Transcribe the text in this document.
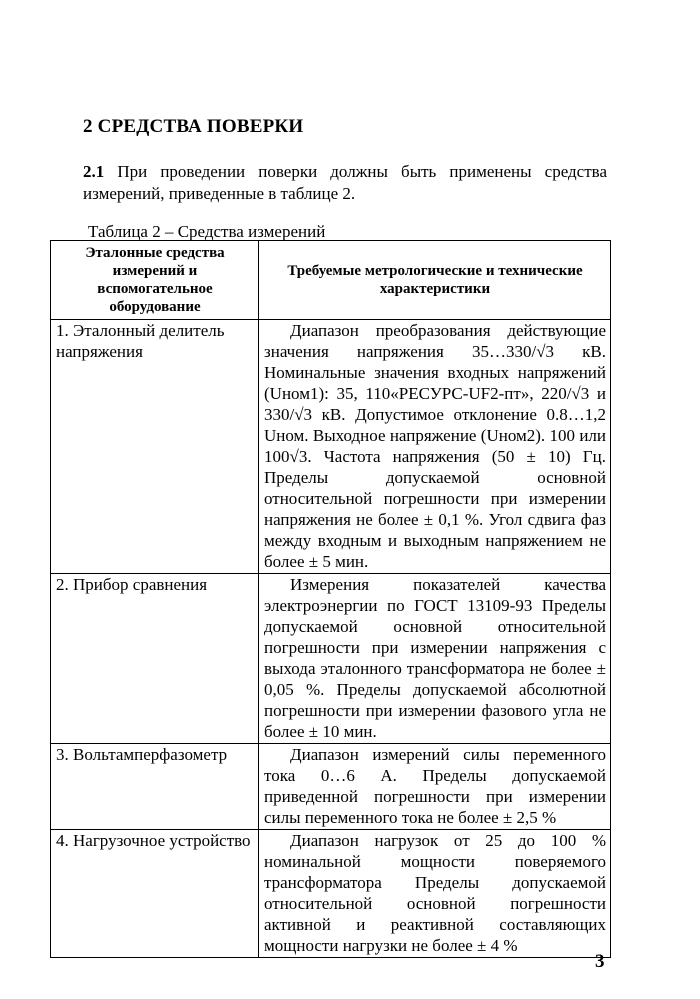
2 СРЕДСТВА ПОВЕРКИ
2.1 При проведении поверки должны быть применены средства измерений, приведенные в таблице 2.
Таблица 2 – Средства измерений
Эталонные средства измерений и вспомогательное оборудование	Требуемые метрологические и технические характеристики
1. Эталонный делитель напряжения	Диапазон преобразования действующие значения напряжения 35…330/√3 кВ. Номинальные значения входных напряжений (Uном1): 35, 110«РЕСУРС-UF2-пт», 220/√3 и 330/√3 кВ. Допустимое отклонение 0.8…1,2 Uном. Выходное напряжение (Uном2). 100 или 100√3. Частота напряжения (50 ± 10) Гц. Пределы допускаемой основной относительной погрешности при измерении напряжения не более ± 0,1 %. Угол сдвига фаз между входным и выходным напряжением не более ± 5 мин.
2. Прибор сравнения	Измерения показателей качества электроэнергии по ГОСТ 13109-93 Пределы допускаемой основной относительной погрешности при измерении напряжения с выхода эталонного трансформатора не более ± 0,05 %. Пределы допускаемой абсолютной погрешности при измерении фазового угла не более ± 10 мин.
3. Вольтамперфазометр	Диапазон измерений силы переменного тока 0…6 А. Пределы допускаемой приведенной погрешности при измерении силы переменного тока не более ± 2,5 %
4. Нагрузочное устройство	Диапазон нагрузок от 25 до 100 % номинальной мощности поверяемого трансформатора Пределы допускаемой относительной основной погрешности активной и реактивной составляющих мощности нагрузки не более ± 4 %
3
